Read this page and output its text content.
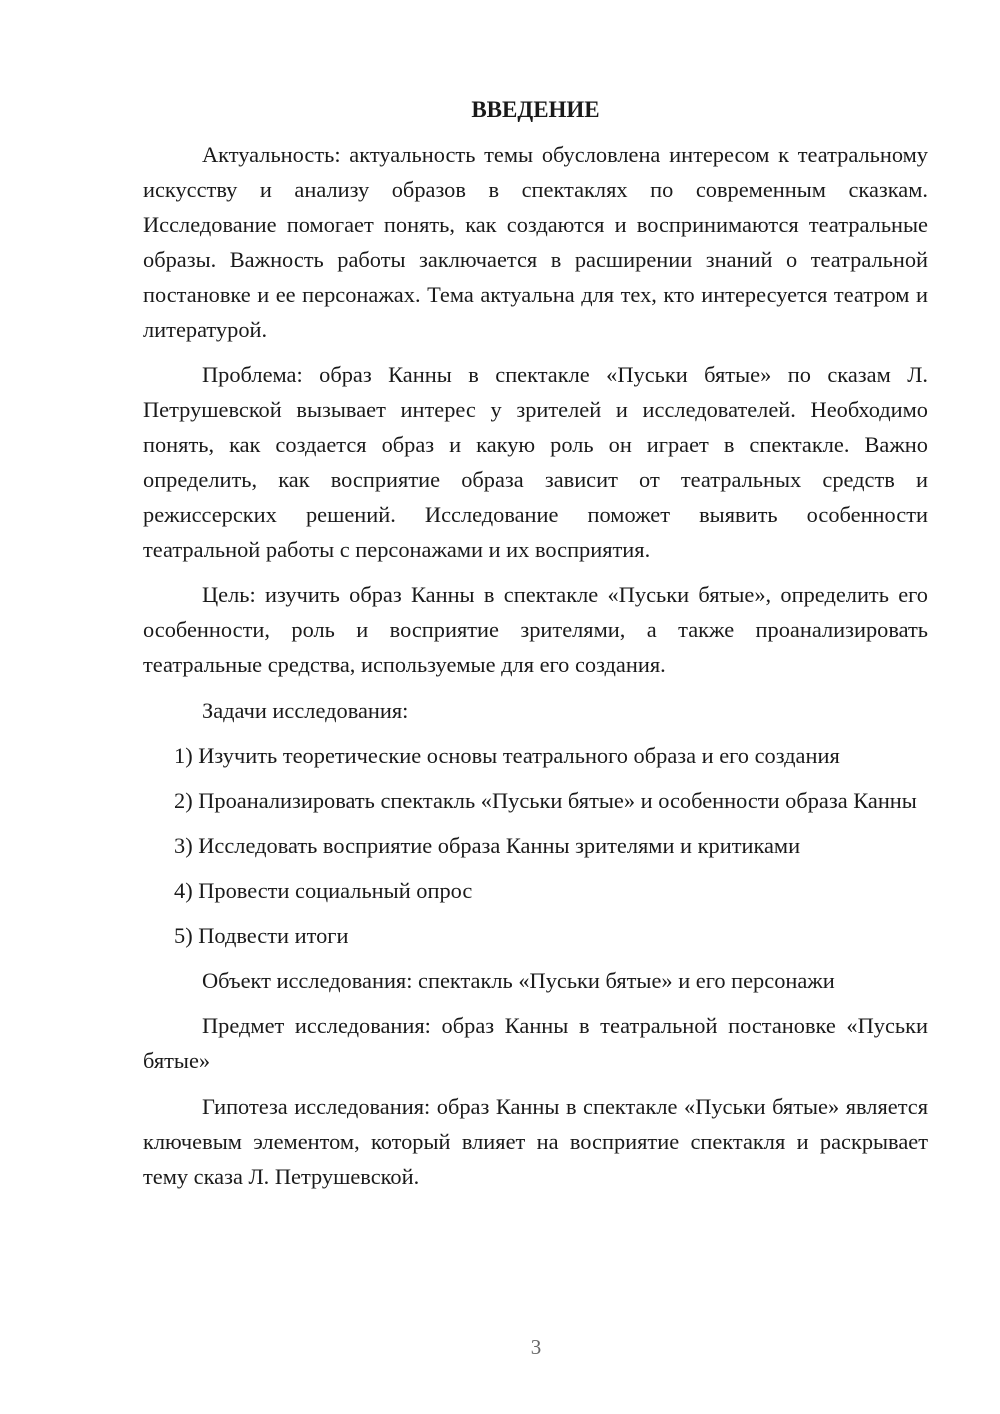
ВВЕДЕНИЕ

Актуальность: актуальность темы обусловлена интересом к театральному искусству и анализу образов в спектаклях по современным сказкам. Исследование помогает понять, как создаются и воспринимаются театральные образы. Важность работы заключается в расширении знаний о театральной постановке и ее персонажах. Тема актуальна для тех, кто интересуется театром и литературой.

Проблема: образ Канны в спектакле «Пуськи бятые» по сказам Л. Петрушевской вызывает интерес у зрителей и исследователей. Необходимо понять, как создается образ и какую роль он играет в спектакле. Важно определить, как восприятие образа зависит от театральных средств и режиссерских решений. Исследование поможет выявить особенности театральной работы с персонажами и их восприятия.

Цель: изучить образ Канны в спектакле «Пуськи бятые», определить его особенности, роль и восприятие зрителями, а также проанализировать театральные средства, используемые для его создания.

Задачи исследования:

1) Изучить теоретические основы театрального образа и его создания

2) Проанализировать спектакль «Пуськи бятые» и особенности образа Канны

3) Исследовать восприятие образа Канны зрителями и критиками

4) Провести социальный опрос

5) Подвести итоги

Объект исследования: спектакль «Пуськи бятые» и его персонажи

Предмет исследования: образ Канны в театральной постановке «Пуськи бятые»

Гипотеза исследования: образ Канны в спектакле «Пуськи бятые» является ключевым элементом, который влияет на восприятие спектакля и раскрывает тему сказа Л. Петрушевской.

3
